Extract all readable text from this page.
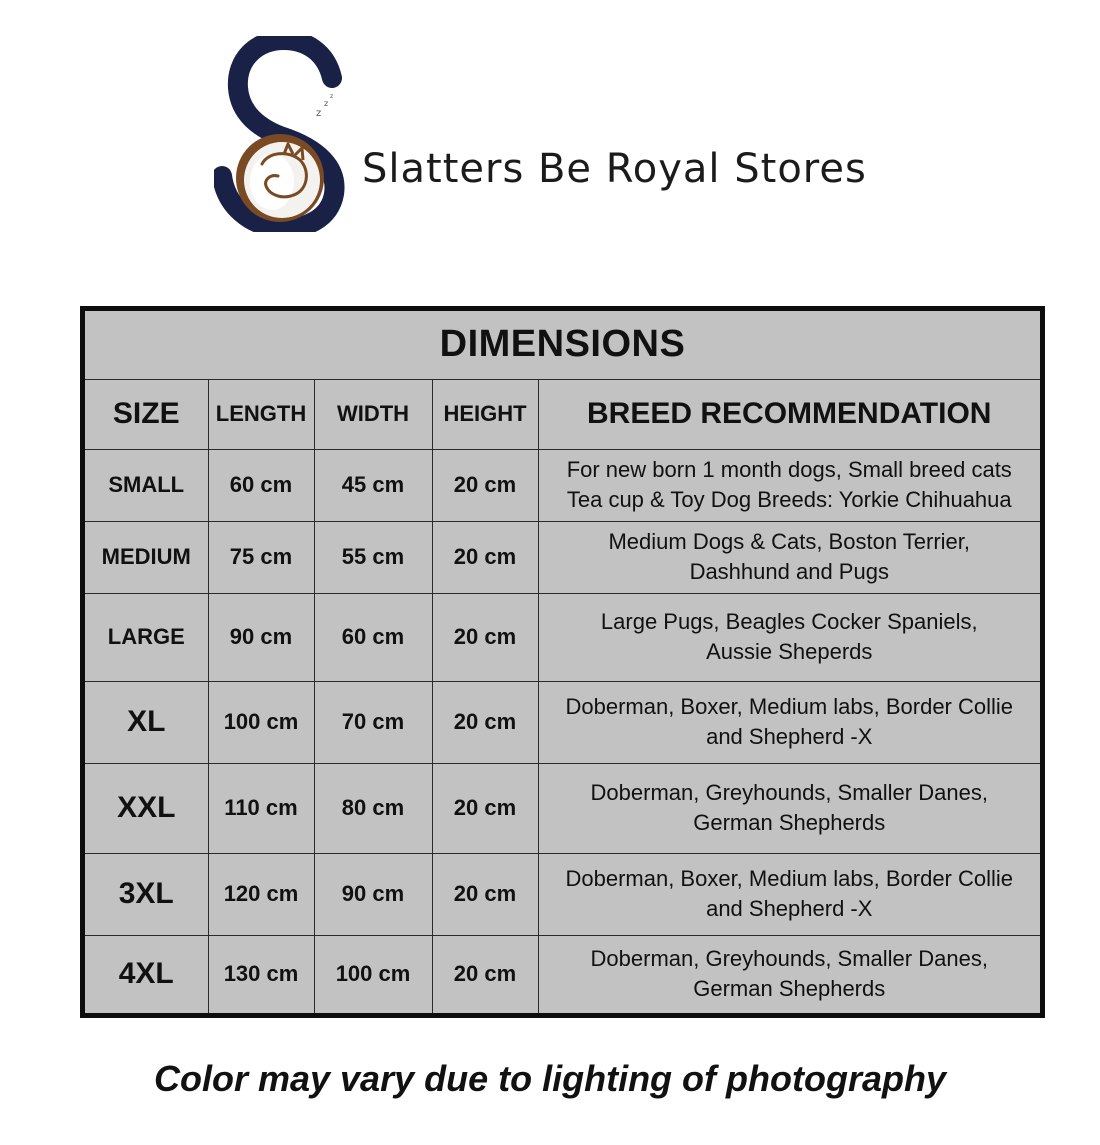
z
z
z
Slatters Be Royal Stores
DIMENSIONS				
SIZE	LENGTH	WIDTH	HEIGHT	BREED RECOMMENDATION
SMALL	60 cm	45 cm	20 cm	For new born 1 month dogs, Small breed cats
Tea cup & Toy Dog Breeds: Yorkie Chihuahua

MEDIUM	75 cm	55 cm	20 cm	Medium Dogs & Cats, Boston Terrier,
Dashhund and Pugs

LARGE	90 cm	60 cm	20 cm	Large Pugs, Beagles Cocker Spaniels,
Aussie Sheperds

XL	100 cm	70 cm	20 cm	Doberman, Boxer, Medium labs, Border Collie
and Shepherd -X

XXL	110 cm	80 cm	20 cm	Doberman, Greyhounds, Smaller Danes,
German Shepherds

3XL	120 cm	90 cm	20 cm	Doberman, Boxer, Medium labs, Border Collie
and Shepherd -X

4XL	130 cm	100 cm	20 cm	Doberman, Greyhounds, Smaller Danes,
German Shepherds
Color may vary due to lighting of photography
